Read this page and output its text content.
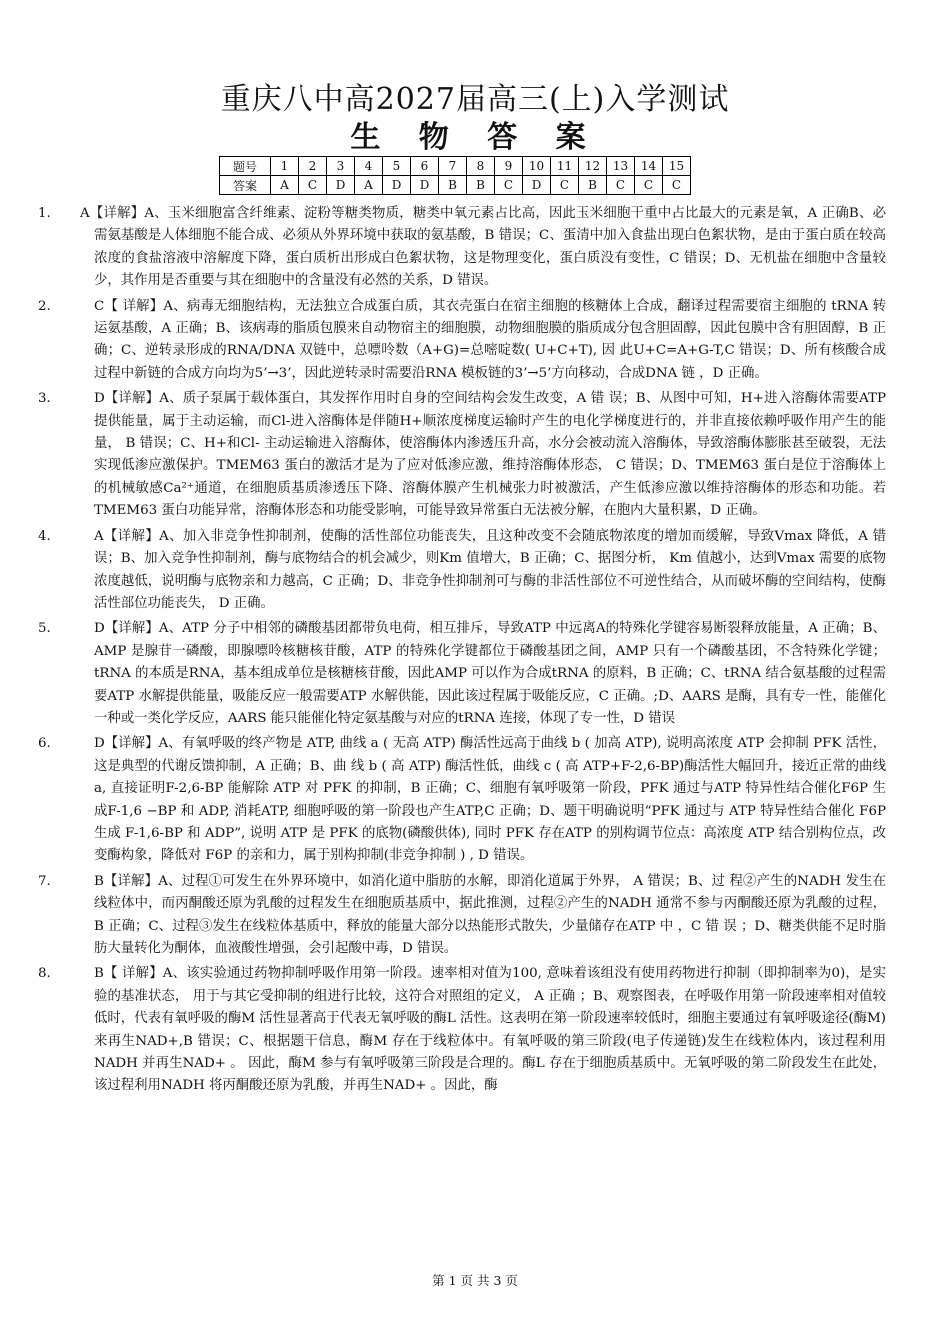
重庆八中高2027届高三(上)入学测试
生 物 答 案
题号	1	2	3	4	5	6	7	8	9	10	11	12	13	14	15
答案	A	C	D	A	D	D	B	B	C	D	C	B	C	C	C

1. A【详解】A、玉米细胞富含纤维素、淀粉等糖类物质，糖类中氧元素占比高，因此玉米细胞干重中占比最大的元素是氧，A 正确B、必需氨基酸是人体细胞不能合成、必须从外界环境中获取的氨基酸，B 错误；C、蛋清中加入食盐出现白色絮状物，是由于蛋白质在较高浓度的食盐溶液中溶解度下降，蛋白质析出形成白色絮状物，这是物理变化，蛋白质没有变性，C 错误；D、无机盐在细胞中含量较少，其作用是否重要与其在细胞中的含量没有必然的关系，D 错误。

2.	C【 详解】A、病毒无细胞结构，无法独立合成蛋白质，其衣壳蛋白在宿主细胞的核糖体上合成，翻译过程需要宿主细胞的 tRNA 转运氨基酸，A 正确；B、该病毒的脂质包膜来自动物宿主的细胞膜，动物细胞膜的脂质成分包含胆固醇，因此包膜中含有胆固醇，B 正确；C、逆转录形成的RNA/DNA 双链中，总嘌呤数（A+G)=总嘧啶数( U+C+T), 因 此U+C=A+G-T,C 错误；D、所有核酸合成过程中新链的合成方向均为5’→3’，因此逆转录时需要沿RNA 模板链的3’→5’方向移动，合成DNA 链 ，D 正确。

3.	D【详解】A、质子泵属于载体蛋白，其发挥作用时自身的空间结构会发生改变，A 错 误；B、从图中可知，H+进入溶酶体需要ATP 提供能量，属于主动运输，而Cl-进入溶酶体是伴随H+顺浓度梯度运输时产生的电化学梯度进行的，并非直接依赖呼吸作用产生的能量， B 错误；C、H+和Cl- 主动运输进入溶酶体，使溶酶体内渗透压升高，水分会被动流入溶酶体，导致溶酶体膨胀甚至破裂，无法实现低渗应激保护。TMEM63 蛋白的激活才是为了应对低渗应激，维持溶酶体形态， C 错误；D、TMEM63 蛋白是位于溶酶体上的机械敏感Ca²⁺通道，在细胞质基质渗透压下降、溶酶体膜产生机械张力时被激活，产生低渗应激以维持溶酶体的形态和功能。若TMEM63 蛋白功能异常，溶酶体形态和功能受影响，可能导致异常蛋白无法被分解，在胞内大量积累，D 正确。

4.	A【详解】A、加入非竞争性抑制剂，使酶的活性部位功能丧失，且这种改变不会随底物浓度的增加而缓解，导致Vmax 降低，A 错误；B、加入竞争性抑制剂，酶与底物结合的机会减少，则Km 值增大，B 正确；C、据图分析， Km 值越小，达到Vmax 需要的底物浓度越低，说明酶与底物亲和力越高，C 正确；D、非竞争性抑制剂可与酶的非活性部位不可逆性结合，从而破坏酶的空间结构，使酶活性部位功能丧失， D 正确。

5.	D【详解】A、ATP 分子中相邻的磷酸基团都带负电荷，相互排斥，导致ATP 中远离A的特殊化学键容易断裂释放能量，A 正确；B、AMP 是腺苷一磷酸，即腺嘌呤核糖核苷酸，ATP 的特殊化学键都位于磷酸基团之间，AMP 只有一个磷酸基团，不含特殊化学键；tRNA 的本质是RNA，基本组成单位是核糖核苷酸，因此AMP 可以作为合成tRNA 的原料，B 正确；C、tRNA 结合氨基酸的过程需要ATP 水解提供能量，吸能反应一般需要ATP 水解供能，因此该过程属于吸能反应，C 正确。;D、AARS 是酶，具有专一性，能催化一种或一类化学反应，AARS 能只能催化特定氨基酸与对应的tRNA 连接，体现了专一性，D 错误

6.	D【详解】A、有氧呼吸的终产物是 ATP, 曲线 a ( 无高 ATP) 酶活性远高于曲线 b ( 加高 ATP), 说明高浓度 ATP 会抑制 PFK 活性，这是典型的代谢反馈抑制，A 正确；B、曲 线 b ( 高 ATP) 酶活性低，曲线 c ( 高 ATP+F-2,6-BP)酶活性大幅回升，接近正常的曲线 a, 直接证明F-2,6-BP 能解除 ATP 对 PFK 的抑制，B 正确；C、细胞有氧呼吸第一阶段，PFK 通过与ATP 特异性结合催化F6P 生成F-1,6 −BP 和 ADP, 消耗ATP, 细胞呼吸的第一阶段也产生ATP,C 正确；D、题干明确说明“PFK 通过与 ATP 特异性结合催化 F6P 生成 F-1,6-BP 和 ADP”, 说明 ATP 是 PFK 的底物(磷酸供体), 同时 PFK 存在ATP 的别构调节位点：高浓度 ATP 结合别构位点，改变酶构象，降低对 F6P 的亲和力，属于别构抑制(非竞争抑制 ) , D 错误。

7.	B【详解】A、过程①可发生在外界环境中，如消化道中脂肪的水解，即消化道属于外界， A 错误；B、过 程②产生的NADH 发生在线粒体中，而丙酮酸还原为乳酸的过程发生在细胞质基质中，据此推测，过程②产生的NADH 通常不参与丙酮酸还原为乳酸的过程， B 正确；C、过程③发生在线粒体基质中，释放的能量大部分以热能形式散失，少量储存在ATP 中 ，C 错 误 ；D、糖类供能不足时脂肪大量转化为酮体，血液酸性增强，会引起酸中毒，D 错误。

8.	B【 详解】A、该实验通过药物抑制呼吸作用第一阶段。速率相对值为100, 意味着该组没有使用药物进行抑制（即抑制率为0)，是实验的基准状态， 用于与其它受抑制的组进行比较，这符合对照组的定义， A 正确 ；B、观察图表，在呼吸作用第一阶段速率相对值较低时，代表有氧呼吸的酶M 活性显著高于代表无氧呼吸的酶L 活性。这表明在第一阶段速率较低时，细胞主要通过有氧呼吸途径(酶M) 来再生NAD+,B 错误；C、根据题干信息，酶M 存在于线粒体中。有氧呼吸的第三阶段(电子传递链)发生在线粒体内，该过程利用NADH 并再生NAD+ 。 因此，酶M 参与有氧呼吸第三阶段是合理的。酶L 存在于细胞质基质中。无氧呼吸的第二阶段发生在此处，该过程利用NADH 将丙酮酸还原为乳酸，并再生NAD+ 。因此，酶

第 1 页 共 3 页
